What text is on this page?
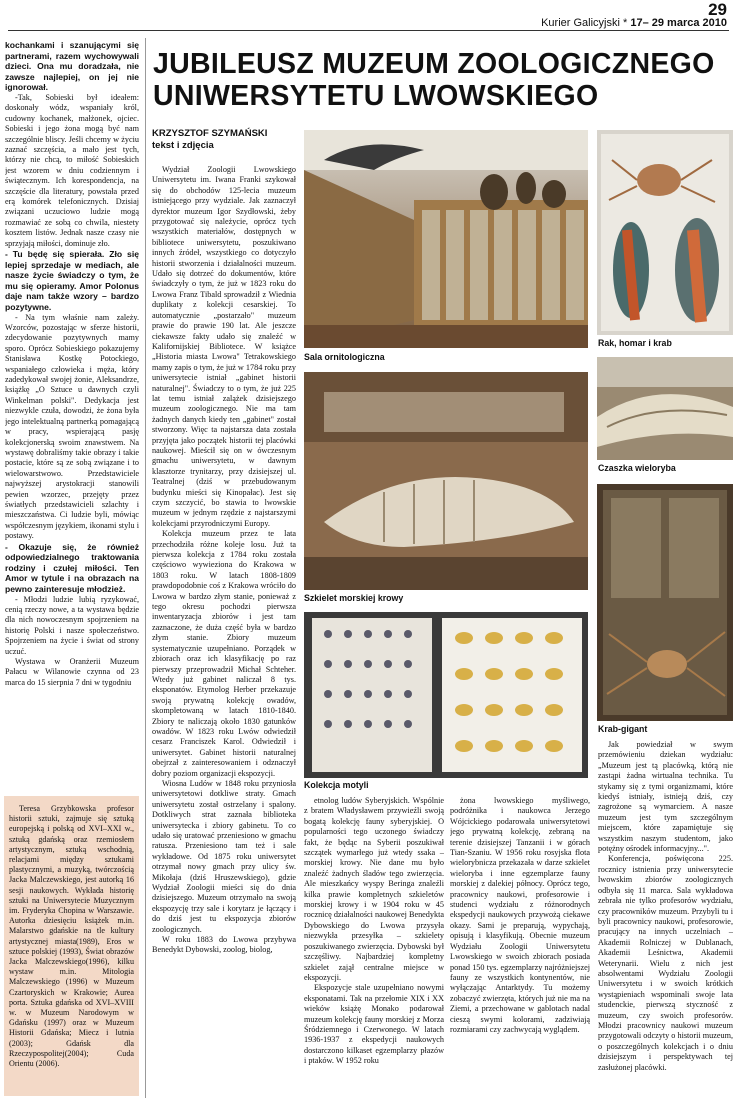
29
Kurier Galicyjski * 17– 29 marca 2010

kochankami i szanującymi się partnerami, razem wychowywali dzieci. Ona mu doradzała, nie zawsze najlepiej, on jej nie ignorował.

-Tak, Sobieski był ideałem: doskonały wódz, wspaniały król, cudowny kochanek, małżonek, ojciec. Sobieski i jego żona mogą być nam szczególnie bliscy. Jeśli chcemy w życiu zaznać szczęścia, a mało jest tych, którzy nie chcą, to miłość Sobieskich jest wzorem w dniu codziennym i świątecznym. Ich korespondencja, na szczęście dla literatury, powstała przed erą komórek telefonicznych. Dzisiaj związani uczuciowo ludzie mogą rozmawiać ze sobą co chwila, niestety kosztem listów. Jednak nasze czasy nie sprzyjają miłości, dominuje zło.

- Tu będę się spierała. Zło się lepiej sprzedaje w mediach, ale nasze życie świadczy o tym, że mu się opieramy. Amor Polonus daje nam także wzory – bardzo pozytywne.

- Na tym właśnie nam zależy. Wzorców, pozostając w sferze historii, zdecydowanie pozytywnych mamy sporo. Oprócz Sobieskiego pokazujemy Stanisława Kostkę Potockiego, wspaniałego człowieka i męża, który zadedykował swojej żonie, Aleksandrze, książkę „O Sztuce u dawnych czyli Winkelman polski". Dedykacja jest niezwykle czuła, dowodzi, że żona była jego intelektualną partnerką pomagającą w pracy, wspierającą pasję kolekcjonerską swoim znawstwem. Na wystawę dobraliśmy takie obrazy i takie postacie, które są ze sobą związane i to wielowarstwowo. Przedstawiciele najwyższej arystokracji stanowili pewien wzorzec, przejęty przez światłych przedstawicieli szlachty i mieszczaństwa. Ci ludzie byli, mówiąc współczesnym językiem, ikonami stylu i postawy.

- Okazuje się, że również odpowiedzialnego traktowania rodziny i czułej miłości. Ten Amor w tytule i na obrazach na pewno zainteresuje młodzież.

- Młodzi ludzie lubią ryzykować, cenią rzeczy nowe, a ta wystawa będzie dla nich nowoczesnym spojrzeniem na historię Polski i nasze społeczeństwo. Spojrzeniem na życie i świat od strony uczuć.

Wystawa w Oranżerii Muzeum Pałacu w Wilanowie czynna od 23 marca do 15 sierpnia 7 dni w tygodniu

Teresa Grzybkowska profesor historii sztuki, zajmuje się sztuką europejską i polską od XVI–XXI w., sztuką gdańską oraz rzemiosłem artystycznym, sztuką wschodnią, relacjami między sztukami plastycznymi, a muzyką, twórczością Jacka Malczewskiego, jest autorką 16 sesji naukowych. Wykłada historię sztuki na Uniwersytecie Muzycznym im. Fryderyka Chopina w Warszawie. Autorka dziesięciu książek m.in. Malarstwo gdańskie na tle kultury artystycznej miasta(1989), Eros w sztuce polskiej (1993), Świat obrazów Jacka Malczewskiego(1996), kilku wystaw m.in. Mitologia Malczewskiego (1996) w Muzeum Czartoryskich w Krakowie; Aurea porta. Sztuka gdańska od XVI–XVIII w. w Muzeum Narodowym w Gdańsku (1997) oraz w Muzeum Historii Gdańska; Miecz i lutnia (2003); Gdańsk dla Rzeczypospolitej(2004); Cuda Orientu (2006).

JUBILEUSZ MUZEUM ZOOLOGICZNEGO
UNIWERSYTETU LWOWSKIEGO
KRZYSZTOF SZYMAŃSKI
tekst i zdjęcia

Wydział Zoologii Lwowskiego Uniwersytetu im. Iwana Franki szykował się do obchodów 125-lecia muzeum istniejącego przy wydziale. Jak zaznaczył dyrektor muzeum Igor Szydłowski, żeby przygotować się należycie, oprócz tych wszystkich materiałów, dostępnych w bibliotece uniwersytetu, poszukiwano innych źródeł, wszystkiego co dotyczyło historii stworzenia i działalności muzeum. Udało się dotrzeć do dokumentów, które świadczyły o tym, że już w 1823 roku do Lwowa Franz Tibald sprowadził z Wiednia duplikaty z kolekcji cesarskiej. To automatycznie „postarzało" muzeum prawie do prawie 190 lat. Ale jeszcze ciekawsze fakty udało się znaleźć w Kalifornijskiej Bibliotece. W książce „Historia miasta Lwowa" Tetrakowskiego mamy zapis o tym, że już w 1784 roku przy uniwersytecie istniał „gabinet historii naturalnej". Świadczy to o tym, że już 225 lat temu istniał zalążek dzisiejszego muzeum zoologicznego. Nie ma tam żadnych danych kiedy ten „gabinet" został stworzony. Więc ta najstarsza data została przyjęta jako początek historii tej placówki naukowej. Mieścił się on w ówczesnym gmachu uniwersytetu, w dawnym klasztorze trynitarzy, przy dzisiejszej ul. Teatralnej (dziś w przebudowanym budynku mieści się Kinopałac). Jest się czym szczycić, bo stawia to lwowskie muzeum w jednym rzędzie z najstarszymi kolekcjami przyrodniczymi Europy.

Kolekcja muzeum przez te lata przechodziła różne koleje losu. Już ta pierwsza kolekcja z 1784 roku została częściowo wywieziona do Krakowa w 1803 roku. W latach 1808-1809 prawdopodobnie coś z Krakowa wróciło do Lwowa w bardzo złym stanie, ponieważ z tego okresu pochodzi pierwsza inwentaryzacja zbiorów i jest tam zaznaczone, że duża część była w bardzo złym stanie. Zbiory muzeum systematycznie uzupełniano. Porządek w zbiorach oraz ich klasyfikację po raz pierwszy przeprowadził Michał Schteher. Wtedy już gabinet naliczał 8 tys. eksponatów. Etymolog Herber przekazuje swoją prywatną kolekcję owadów, skompletowaną w latach 1810-1840. Zbiory te naliczają około 1830 gatunków owadów. W 1823 roku Lwów odwiedził cesarz Franciszek Karol. Odwiedził i uniwersytet. Gabinet historii naturalnej obejrzał z zainteresowaniem i odznaczył dobry poziom organizacji ekspozycji.

Wiosna Ludów w 1848 roku przyniosła uniwersytetowi dotkliwe straty. Gmach uniwersytetu został ostrzelany i spalony. Dotkliwych strat zaznała biblioteka uniwersytecka i zbiory gabinetu. To co udało się uratować przeniesiono w gmachu ratusza. Przeniesiono tam też i sale wykładowe. Od 1875 roku uniwersytet otrzymał nowy gmach przy ulicy św. Mikołaja (dziś Hruszewskiego), gdzie Wydział Zoologii mieści się do dnia dzisiejszego. Muzeum otrzymało na swoją ekspozycję trzy sale i korytarz je łączący i do dziś jest tu ekspozycja zbiorów zoologicznych.

W roku 1883 do Lwowa przybywa Benedykt Dybowski, zoolog, biolog,

Sala ornitologiczna
Rak, homar i krab
Czaszka wieloryba
Krab-gigant

Jak powiedział w swym przemówieniu dziekan wydziału: „Muzeum jest tą placówką, którą nie zastąpi żadna wirtualna technika. Tu stykamy się z tymi organizmami, które kiedyś istniały, istnieją dziś, czy zagrożone są wymarciem. A nasze muzeum jest tym szczególnym miejscem, które zapamiętuje się wszystkim naszym studentom, jako potężny ośrodek informacyjny...".

Konferencja, poświęcona 225. rocznicy istnienia przy uniwersytecie lwowskim zbiorów zoologicznych odbyła się 11 marca. Sala wykładowa zebrała nie tylko profesorów wydziału, czy pracowników muzeum. Przybyli tu i byli pracownicy naukowi, profesorowie, pracujący na innych uczelniach – Akademii Rolniczej w Dublanach, Akademii Leśnictwa, Akademii Weterynarii. Wielu z nich jest absolwentami Wydziału Zoologii Uniwersytetu i w swoich krótkich wystąpieniach wspominali swoje lata studenckie, pierwszą styczność z muzeum, czy swoich profesorów. Młodzi pracownicy naukowi muzeum przygotowali odczyty o historii muzeum, o poszczególnych kolekcjach i o dniu dzisiejszym i perspektywach tej zasłużonej placówki.

Szkielet morskiej krowy
Kolekcja motyli

etnolog ludów Syberyjskich. Wspólnie z bratem Władysławem przywieźli swoją bogatą kolekcję fauny syberyjskiej. O popularności tego uczonego świadczy fakt, że będąc na Syberii poszukiwał szczątek wymarłego już wtedy ssaka – morskiej krowy. Nie dane mu było znaleźć żadnych śladów tego zwierzęcia. Ale mieszkańcy wyspy Beringa znaleźli kilka prawie kompletnych szkieletów morskiej krowy i w 1904 roku w 45 rocznicę działalności naukowej Benedykta Dybowskiego do Lwowa przysyła niezwykła przesyłka – szkielety poszukiwanego zwierzęcia. Dybowski był szczęśliwy. Najbardziej kompletny szkielet zajął centralne miejsce w ekspozycji.

Ekspozycje stale uzupełniano nowymi eksponatami. Tak na przełomie XIX i XX wieków książę Monako podarował muzeum kolekcję fauny morskiej z Morza Śródziemnego i Czerwonego. W latach 1936-1937 z ekspedycji naukowych dostarczono kilkaset egzemplarzy płazów i ptaków. W 1952 roku

żona lwowskiego myśliwego, podróżnika i naukowca Jerzego Wójcickiego podarowała uniwersytetowi jego prywatną kolekcję, zebraną na terenie dzisiejszej Tanzanii i w górach Tian-Szaniu. W 1956 roku rosyjska flota wielorybnicza przekazała w darze szkielet wieloryba i inne egzemplarze fauny morskiej z dalekiej północy. Oprócz tego, pracownicy naukowi, profesorowie i studenci wydziału z różnorodnych ekspedycji naukowych przywożą ciekawe okazy. Sami je preparują, wypychają, opisują i klasyfikują. Obecnie muzeum Wydziału Zoologii Uniwersytetu Lwowskiego w swoich zbiorach posiada ponad 150 tys. egzemplarzy najróżniejszej fauny ze wszystkich kontynentów, nie wyłączając Antarktydy. Tu możemy zobaczyć zwierzęta, których już nie ma na Ziemi, a przechowane w gablotach nadal cieszą swymi kolorami, zadziwiają rozmiarami czy zachwycają wyglądem.
